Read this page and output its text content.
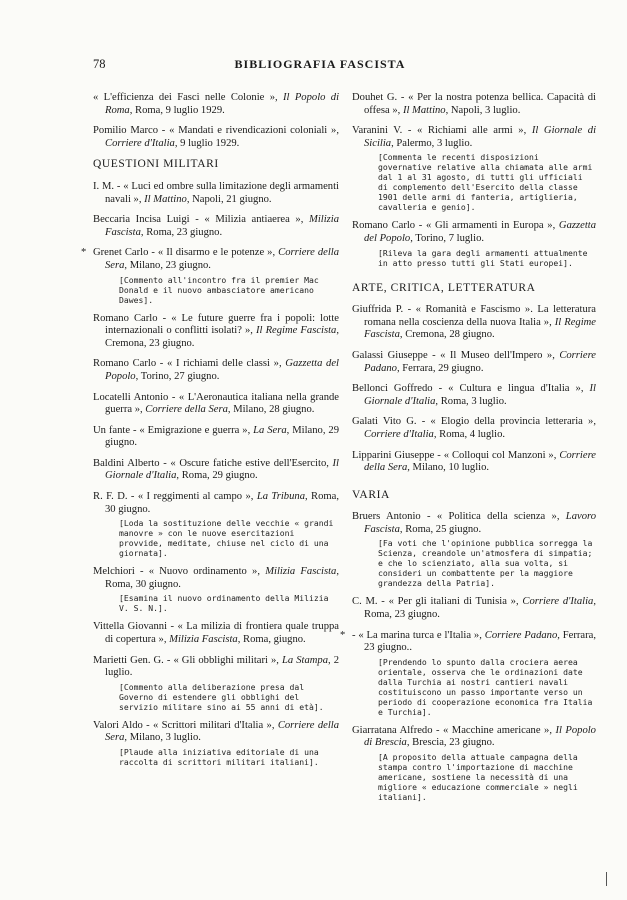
78	BIBLIOGRAFIA FASCISTA
« L'efficienza dei Fasci nelle Colonie », Il Popolo di Roma, Roma, 9 luglio 1929.
Pomilio Marco - « Mandati e rivendicazioni coloniali », Corriere d'Italia, 9 luglio 1929.
QUESTIONI MILITARI
I. M. - « Luci ed ombre sulla limitazione degli armamenti navali », Il Mattino, Napoli, 21 giugno.
Beccaria Incisa Luigi - « Milizia antiaerea », Milizia Fascista, Roma, 23 giugno.
* Grenet Carlo - « Il disarmo e le potenze », Corriere della Sera, Milano, 23 giugno.
[Commento all'incontro fra il premier Mac Donald e il nuovo ambasciatore americano Dawes].
Romano Carlo - « Le future guerre fra i popoli: lotte internazionali o conflitti isolati? », Il Regime Fascista, Cremona, 23 giugno.
Romano Carlo - « I richiami delle classi », Gazzetta del Popolo, Torino, 27 giugno.
Locatelli Antonio - « L'Aeronautica italiana nella grande guerra », Corriere della Sera, Milano, 28 giugno.
Un fante - « Emigrazione e guerra », La Sera, Milano, 29 giugno.
Baldini Alberto - « Oscure fatiche estive dell'Esercito, Il Giornale d'Italia, Roma, 29 giugno.
R. F. D. - « I reggimenti al campo », La Tribuna, Roma, 30 giugno.
[Loda la sostituzione delle vecchie « grandi manovre » con le nuove esercitazioni provvide, meditate, chiuse nel ciclo di una giornata].
Melchiori - « Nuovo ordinamento », Milizia Fascista, Roma, 30 giugno.
[Esamina il nuovo ordinamento della Milizia V. S. N.].
Vittella Giovanni - « La milizia di frontiera quale truppa di copertura », Milizia Fascista, Roma, giugno.
Marietti Gen. G. - « Gli obblighi militari », La Stampa, 2 luglio.
[Commento alla deliberazione presa dal Governo di estendere gli obblighi del servizio militare sino ai 55 anni di età].
Valori Aldo - « Scrittori militari d'Italia », Corriere della Sera, Milano, 3 luglio.
[Plaude alla iniziativa editoriale di una raccolta di scrittori militari italiani].
Douhet G. - « Per la nostra potenza bellica. Capacità di offesa », Il Mattino, Napoli, 3 luglio.
Varanini V. - « Richiami alle armi », Il Giornale di Sicilia, Palermo, 3 luglio.
[Commenta le recenti disposizioni governative relative alla chiamata alle armi dal 1 al 31 agosto, di tutti gli ufficiali di complemento dell'Esercito della classe 1901 delle armi di fanteria, artiglieria, cavalleria e genio].
Romano Carlo - « Gli armamenti in Europa », Gazzetta del Popolo, Torino, 7 luglio.
[Rileva la gara degli armamenti attualmente in atto presso tutti gli Stati europei].
ARTE, CRITICA, LETTERATURA
Giuffrida P. - « Romanità e Fascismo ». La letteratura romana nella coscienza della nuova Italia », Il Regime Fascista, Cremona, 28 giugno.
Galassi Giuseppe - « Il Museo dell'Impero », Corriere Padano, Ferrara, 29 giugno.
Bellonci Goffredo - « Cultura e lingua d'Italia », Il Giornale d'Italia, Roma, 3 luglio.
Galati Vito G. - « Elogio della provincia letteraria », Corriere d'Italia, Roma, 4 luglio.
Lipparini Giuseppe - « Colloqui col Manzoni », Corriere della Sera, Milano, 10 luglio.
VARIA
Bruers Antonio - « Politica della scienza », Lavoro Fascista, Roma, 25 giugno.
[Fa voti che l'opinione pubblica sorregga la Scienza, creandole un'atmosfera di simpatia; e che lo scienziato, alla sua volta, si consideri un combattente per la maggiore grandezza della Patria].
C. M. - « Per gli italiani di Tunisia », Corriere d'Italia, Roma, 23 giugno.
* - « La marina turca e l'Italia », Corriere Padano, Ferrara, 23 giugno..
[Prendendo lo spunto dalla crociera aerea orientale, osserva che le ordinazioni date dalla Turchia ai nostri cantieri navali costituiscono un passo importante verso un periodo di cooperazione economica fra Italia e Turchia].
Giarratana Alfredo - « Macchine americane », Il Popolo di Brescia, Brescia, 23 giugno.
[A proposito della attuale campagna della stampa contro l'importazione di macchine americane, sostiene la necessità di una migliore « educazione commerciale » negli italiani].
